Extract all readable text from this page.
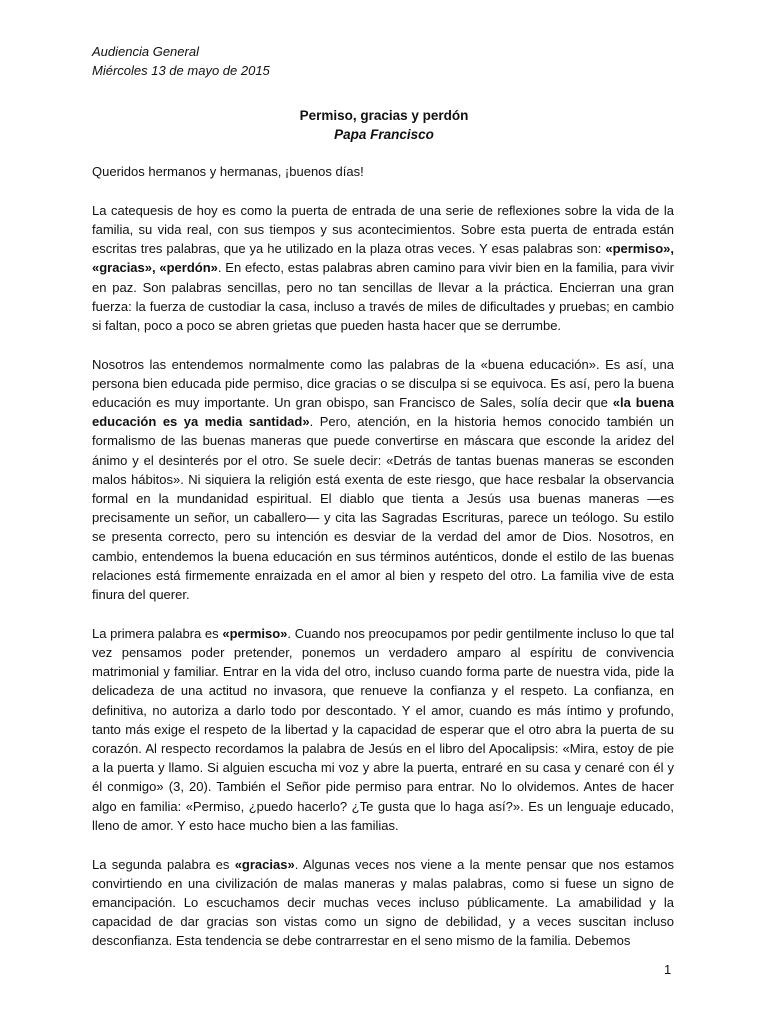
Audiencia General
Miércoles 13 de mayo de 2015
Permiso, gracias y perdón
Papa Francisco

Queridos hermanos y hermanas, ¡buenos días!

La catequesis de hoy es como la puerta de entrada de una serie de reflexiones sobre la vida de la familia, su vida real, con sus tiempos y sus acontecimientos. Sobre esta puerta de entrada están escritas tres palabras, que ya he utilizado en la plaza otras veces. Y esas palabras son: «permiso», «gracias», «perdón». En efecto, estas palabras abren camino para vivir bien en la familia, para vivir en paz. Son palabras sencillas, pero no tan sencillas de llevar a la práctica. Encierran una gran fuerza: la fuerza de custodiar la casa, incluso a través de miles de dificultades y pruebas; en cambio si faltan, poco a poco se abren grietas que pueden hasta hacer que se derrumbe.

Nosotros las entendemos normalmente como las palabras de la «buena educación». Es así, una persona bien educada pide permiso, dice gracias o se disculpa si se equivoca. Es así, pero la buena educación es muy importante. Un gran obispo, san Francisco de Sales, solía decir que «la buena educación es ya media santidad». Pero, atención, en la historia hemos conocido también un formalismo de las buenas maneras que puede convertirse en máscara que esconde la aridez del ánimo y el desinterés por el otro. Se suele decir: «Detrás de tantas buenas maneras se esconden malos hábitos». Ni siquiera la religión está exenta de este riesgo, que hace resbalar la observancia formal en la mundanidad espiritual. El diablo que tienta a Jesús usa buenas maneras —es precisamente un señor, un caballero— y cita las Sagradas Escrituras, parece un teólogo. Su estilo se presenta correcto, pero su intención es desviar de la verdad del amor de Dios. Nosotros, en cambio, entendemos la buena educación en sus términos auténticos, donde el estilo de las buenas relaciones está firmemente enraizada en el amor al bien y respeto del otro. La familia vive de esta finura del querer.

La primera palabra es «permiso». Cuando nos preocupamos por pedir gentilmente incluso lo que tal vez pensamos poder pretender, ponemos un verdadero amparo al espíritu de convivencia matrimonial y familiar. Entrar en la vida del otro, incluso cuando forma parte de nuestra vida, pide la delicadeza de una actitud no invasora, que renueve la confianza y el respeto. La confianza, en definitiva, no autoriza a darlo todo por descontado. Y el amor, cuando es más íntimo y profundo, tanto más exige el respeto de la libertad y la capacidad de esperar que el otro abra la puerta de su corazón. Al respecto recordamos la palabra de Jesús en el libro del Apocalipsis: «Mira, estoy de pie a la puerta y llamo. Si alguien escucha mi voz y abre la puerta, entraré en su casa y cenaré con él y él conmigo» (3, 20). También el Señor pide permiso para entrar. No lo olvidemos. Antes de hacer algo en familia: «Permiso, ¿puedo hacerlo? ¿Te gusta que lo haga así?». Es un lenguaje educado, lleno de amor. Y esto hace mucho bien a las familias.

La segunda palabra es «gracias». Algunas veces nos viene a la mente pensar que nos estamos convirtiendo en una civilización de malas maneras y malas palabras, como si fuese un signo de emancipación. Lo escuchamos decir muchas veces incluso públicamente. La amabilidad y la capacidad de dar gracias son vistas como un signo de debilidad, y a veces suscitan incluso desconfianza. Esta tendencia se debe contrarrestar en el seno mismo de la familia. Debemos

1
